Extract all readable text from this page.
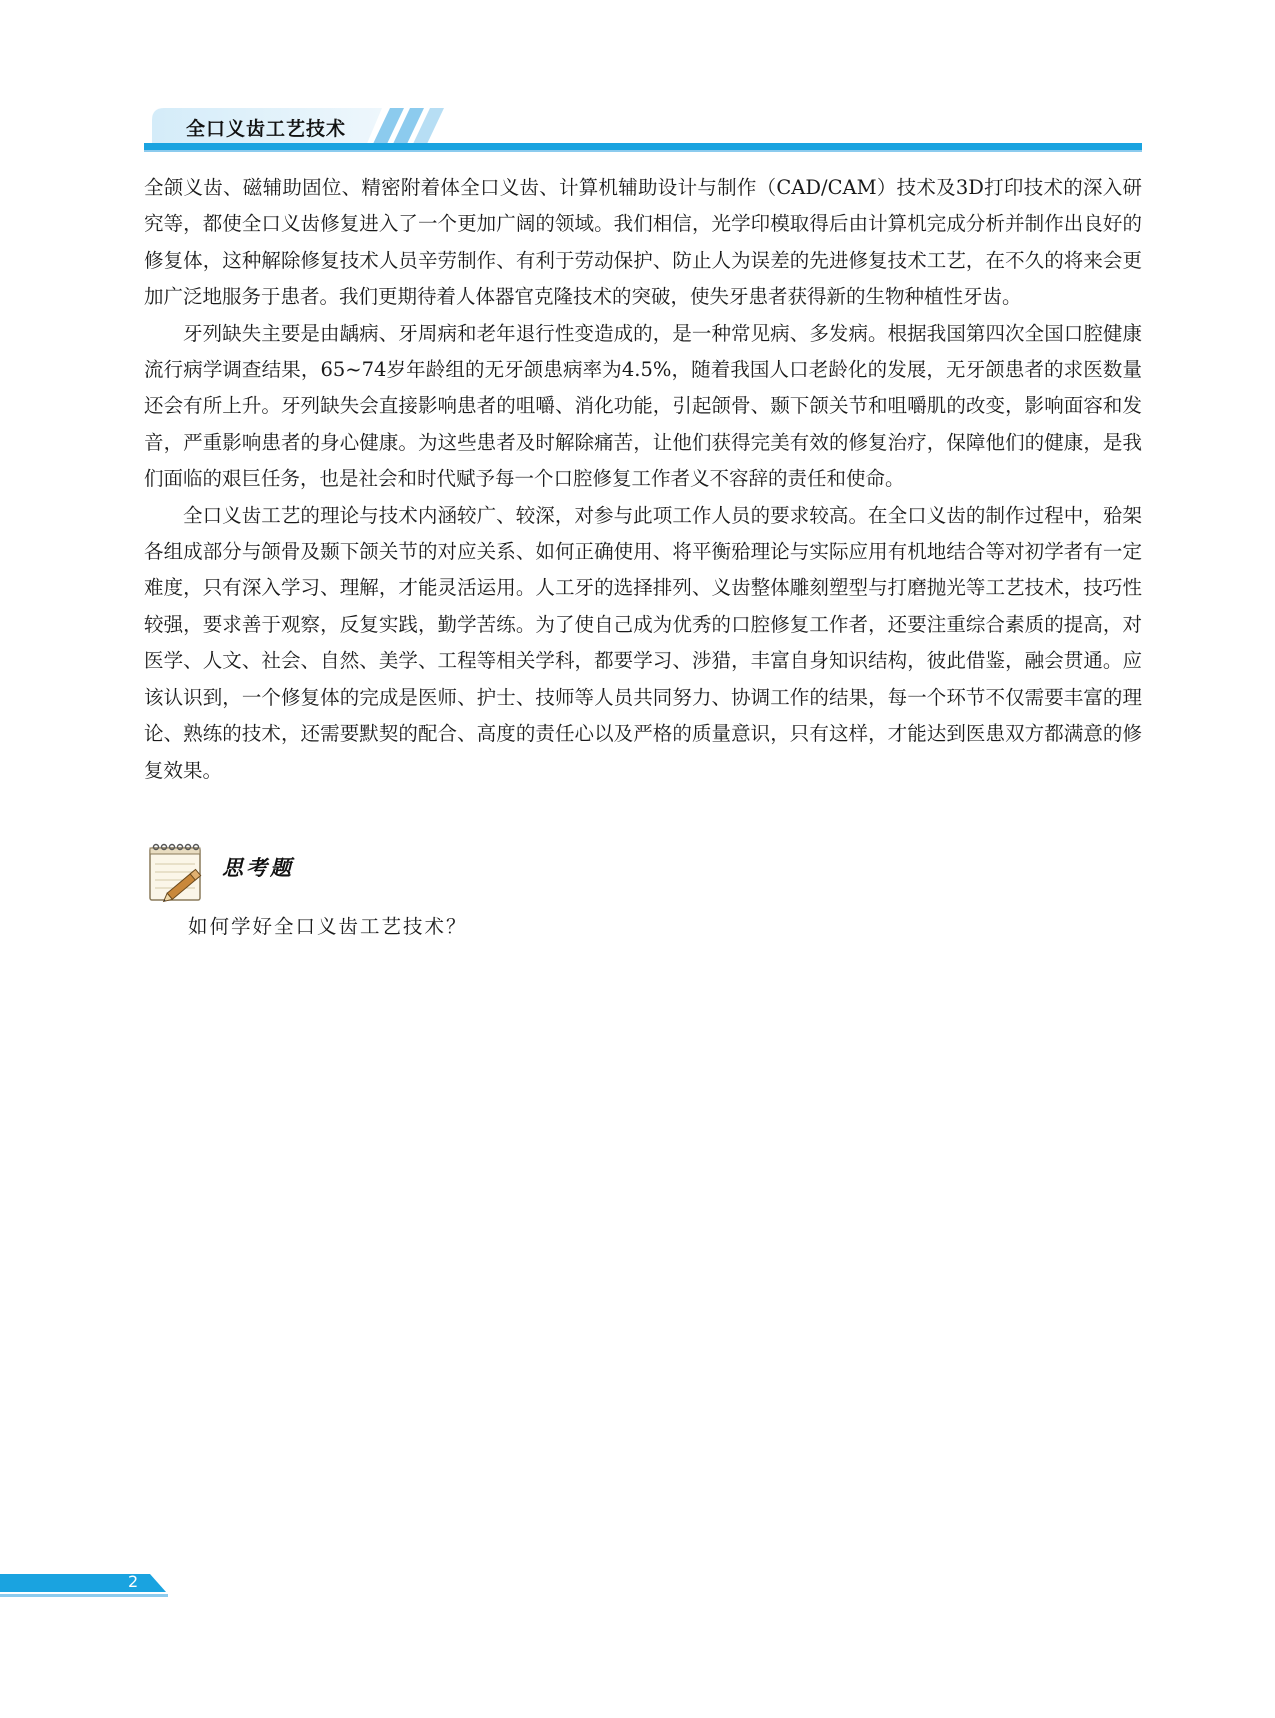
全口义齿工艺技术

全颌义齿、磁辅助固位、精密附着体全口义齿、计算机辅助设计与制作（CAD/CAM）技术及3D打印技术的深入研究等，都使全口义齿修复进入了一个更加广阔的领域。我们相信，光学印模取得后由计算机完成分析并制作出良好的修复体，这种解除修复技术人员辛劳制作、有利于劳动保护、防止人为误差的先进修复技术工艺，在不久的将来会更加广泛地服务于患者。我们更期待着人体器官克隆技术的突破，使失牙患者获得新的生物种植性牙齿。

牙列缺失主要是由龋病、牙周病和老年退行性变造成的，是一种常见病、多发病。根据我国第四次全国口腔健康流行病学调查结果，65~74岁年龄组的无牙颌患病率为4.5%，随着我国人口老龄化的发展，无牙颌患者的求医数量还会有所上升。牙列缺失会直接影响患者的咀嚼、消化功能，引起颌骨、颞下颌关节和咀嚼肌的改变，影响面容和发音，严重影响患者的身心健康。为这些患者及时解除痛苦，让他们获得完美有效的修复治疗，保障他们的健康，是我们面临的艰巨任务，也是社会和时代赋予每一个口腔修复工作者义不容辞的责任和使命。

全口义齿工艺的理论与技术内涵较广、较深，对参与此项工作人员的要求较高。在全口义齿的制作过程中，𬌗架各组成部分与颌骨及颞下颌关节的对应关系、如何正确使用、将平衡𬌗理论与实际应用有机地结合等对初学者有一定难度，只有深入学习、理解，才能灵活运用。人工牙的选择排列、义齿整体雕刻塑型与打磨抛光等工艺技术，技巧性较强，要求善于观察，反复实践，勤学苦练。为了使自己成为优秀的口腔修复工作者，还要注重综合素质的提高，对医学、人文、社会、自然、美学、工程等相关学科，都要学习、涉猎，丰富自身知识结构，彼此借鉴，融会贯通。应该认识到，一个修复体的完成是医师、护士、技师等人员共同努力、协调工作的结果，每一个环节不仅需要丰富的理论、熟练的技术，还需要默契的配合、高度的责任心以及严格的质量意识，只有这样，才能达到医患双方都满意的修复效果。

思考题
如何学好全口义齿工艺技术？
2
